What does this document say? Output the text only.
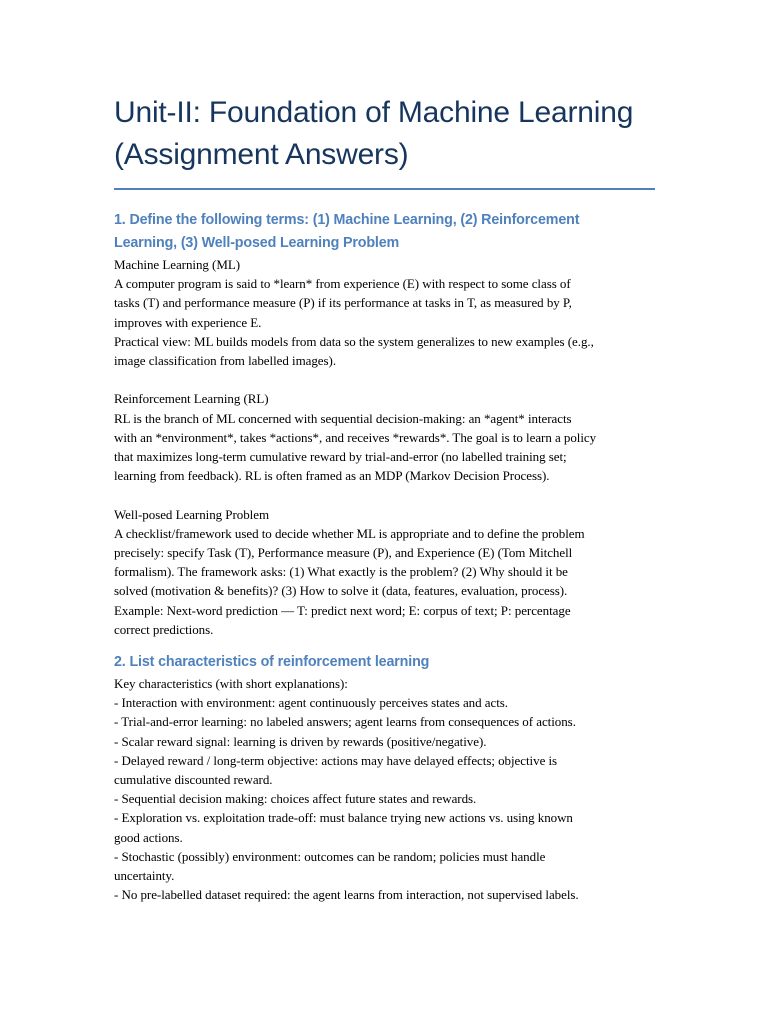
Unit-II: Foundation of Machine Learning
(Assignment Answers)
1. Define the following terms: (1) Machine Learning, (2) Reinforcement
Learning, (3) Well-posed Learning Problem
Machine Learning (ML)
A computer program is said to *learn* from experience (E) with respect to some class of
tasks (T) and performance measure (P) if its performance at tasks in T, as measured by P,
improves with experience E.
Practical view: ML builds models from data so the system generalizes to new examples (e.g.,
image classification from labelled images).
Reinforcement Learning (RL)
RL is the branch of ML concerned with sequential decision-making: an *agent* interacts
with an *environment*, takes *actions*, and receives *rewards*. The goal is to learn a policy
that maximizes long-term cumulative reward by trial-and-error (no labelled training set;
learning from feedback). RL is often framed as an MDP (Markov Decision Process).
Well-posed Learning Problem
A checklist/framework used to decide whether ML is appropriate and to define the problem
precisely: specify Task (T), Performance measure (P), and Experience (E) (Tom Mitchell
formalism). The framework asks: (1) What exactly is the problem? (2) Why should it be
solved (motivation & benefits)? (3) How to solve it (data, features, evaluation, process).
Example: Next-word prediction — T: predict next word; E: corpus of text; P: percentage
correct predictions.
2. List characteristics of reinforcement learning
Key characteristics (with short explanations):
- Interaction with environment: agent continuously perceives states and acts.
- Trial-and-error learning: no labeled answers; agent learns from consequences of actions.
- Scalar reward signal: learning is driven by rewards (positive/negative).
- Delayed reward / long-term objective: actions may have delayed effects; objective is
cumulative discounted reward.
- Sequential decision making: choices affect future states and rewards.
- Exploration vs. exploitation trade-off: must balance trying new actions vs. using known
good actions.
- Stochastic (possibly) environment: outcomes can be random; policies must handle
uncertainty.
- No pre-labelled dataset required: the agent learns from interaction, not supervised labels.
